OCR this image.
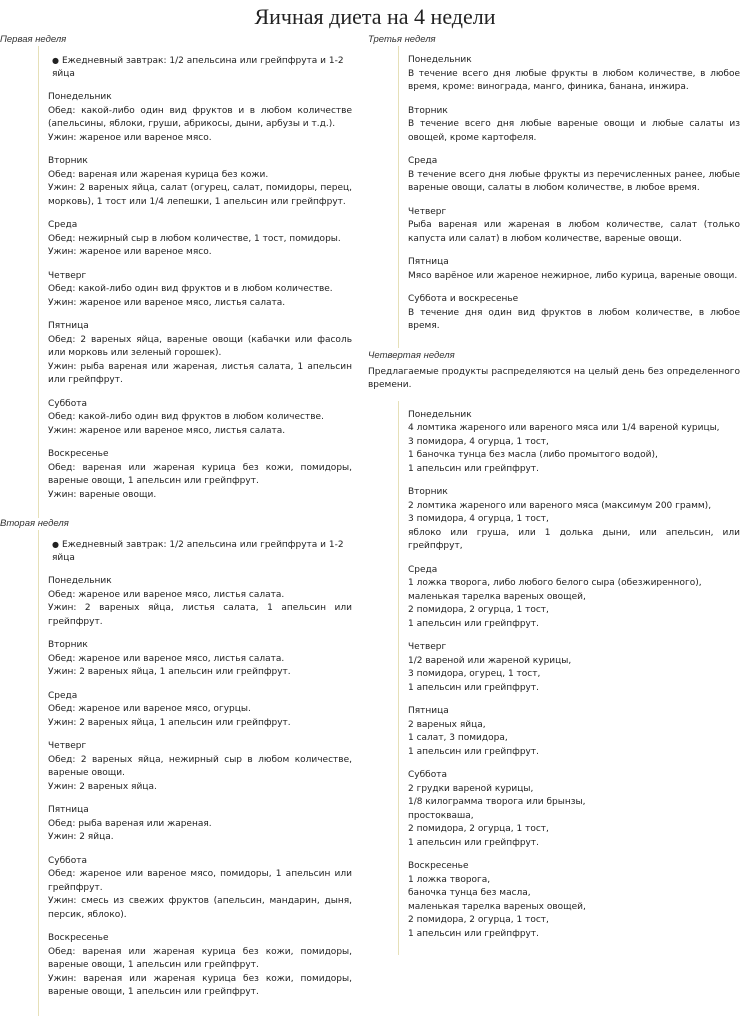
Яичная диета на 4 недели

Первая неделя

● Ежедневный завтрак: 1/2 апельсина или грейпфрута и 1-2 яйца
Понедельник
Обед: какой-либо один вид фруктов и в любом количестве (апельсины, яблоки, груши, абрикосы, дыни, арбузы и т.д.).
Ужин: жареное или вареное мясо.
Вторник
Обед: вареная или жареная курица без кожи.
Ужин: 2 вареных яйца, салат (огурец, салат, помидоры, перец, морковь), 1 тост или 1/4 лепешки, 1 апельсин или грейпфрут.
Среда
Обед: нежирный сыр в любом количестве, 1 тост, помидоры.
Ужин: жареное или вареное мясо.
Четверг
Обед: какой-либо один вид фруктов и в любом количестве.
Ужин: жареное или вареное мясо, листья салата.
Пятница
Обед: 2 вареных яйца, вареные овощи (кабачки или фасоль или морковь или зеленый горошек).
Ужин: рыба вареная или жареная, листья салата, 1 апельсин или грейпфрут.
Суббота
Обед: какой-либо один вид фруктов в любом количестве.
Ужин: жареное или вареное мясо, листья салата.
Воскресенье
Обед: вареная или жареная курица без кожи, помидоры, вареные овощи, 1 апельсин или грейпфрут.
Ужин: вареные овощи.

Вторая неделя

● Ежедневный завтрак: 1/2 апельсина или грейпфрута и 1-2 яйца
Понедельник
Обед: жареное или вареное мясо, листья салата.
Ужин: 2 вареных яйца, листья салата, 1 апельсин или грейпфрут.
Вторник
Обед: жареное или вареное мясо, листья салата.
Ужин: 2 вареных яйца, 1 апельсин или грейпфрут.
Среда
Обед: жареное или вареное мясо, огурцы.
Ужин: 2 вареных яйца, 1 апельсин или грейпфрут.
Четверг
Обед: 2 вареных яйца, нежирный сыр в любом количестве, вареные овощи.
Ужин: 2 вареных яйца.
Пятница
Обед: рыба вареная или жареная.
Ужин: 2 яйца.
Суббота
Обед: жареное или вареное мясо, помидоры, 1 апельсин или грейпфрут.
Ужин: смесь из свежих фруктов (апельсин, мандарин, дыня, персик, яблоко).
Воскресенье
Обед: вареная или жареная курица без кожи, помидоры, вареные овощи, 1 апельсин или грейпфрут.
Ужин: вареная или жареная курица без кожи, помидоры, вареные овощи, 1 апельсин или грейпфрут.

Третья неделя

Понедельник
В течение всего дня любые фрукты в любом количестве, в любое время, кроме: винограда, манго, финика, банана, инжира.
Вторник
В течение всего дня любые вареные овощи и любые салаты из овощей, кроме картофеля.
Среда
В течение всего дня любые фрукты из перечисленных ранее, любые вареные овощи, салаты в любом количестве, в любое время.
Четверг
Рыба вареная или жареная в любом количестве, салат (только капуста или салат) в любом количестве, вареные овощи.
Пятница
Мясо варёное или жареное нежирное, либо курица, вареные овощи.
Суббота и воскресенье
В течение дня один вид фруктов в любом количестве, в любое время.

Четвертая неделя

Предлагаемые продукты распределяются на целый день без определенного времени.
Понедельник
4 ломтика жареного или вареного мяса или 1/4 вареной курицы,
3 помидора, 4 огурца, 1 тост,
1 баночка тунца без масла (либо промытого водой),
1 апельсин или грейпфрут.
Вторник
2 ломтика жареного или вареного мяса (максимум 200 грамм),
3 помидора, 4 огурца, 1 тост,
яблоко или груша, или 1 долька дыни, или апельсин, или грейпфрут,
Среда
1 ложка творога, либо любого белого сыра (обезжиренного),
маленькая тарелка вареных овощей,
2 помидора, 2 огурца, 1 тост,
1 апельсин или грейпфрут.
Четверг
1/2 вареной или жареной курицы,
3 помидора, огурец, 1 тост,
1 апельсин или грейпфрут.
Пятница
2 вареных яйца,
1 салат, 3 помидора,
1 апельсин или грейпфрут.
Суббота
2 грудки вареной курицы,
1/8 килограмма творога или брынзы,
простокваша,
2 помидора, 2 огурца, 1 тост,
1 апельсин или грейпфрут.
Воскресенье
1 ложка творога,
баночка тунца без масла,
маленькая тарелка вареных овощей,
2 помидора, 2 огурца, 1 тост,
1 апельсин или грейпфрут.
